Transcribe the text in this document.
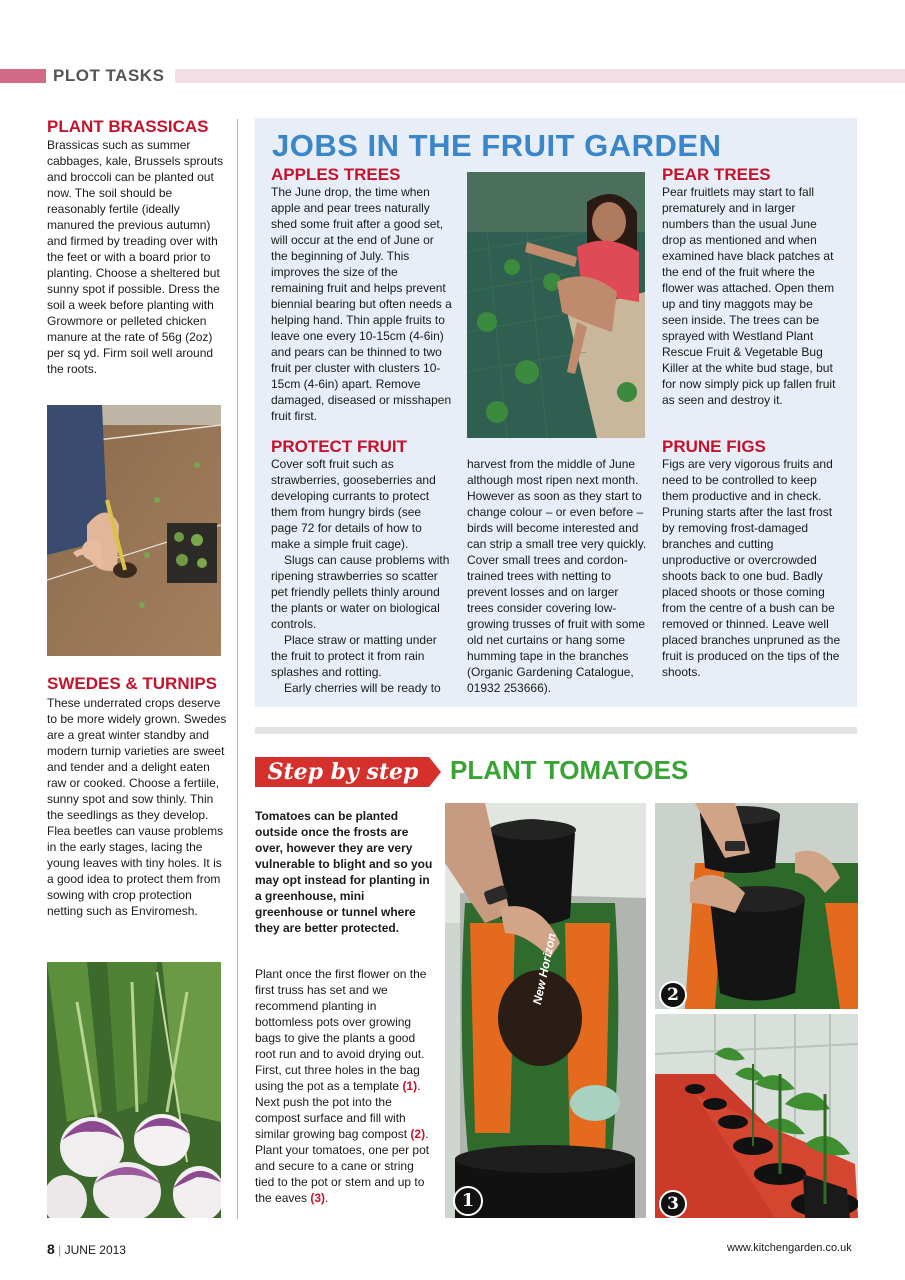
PLOT TASKS
PLANT BRASSICAS
Brassicas such as summer cabbages, kale, Brussels sprouts and broccoli can be planted out now. The soil should be reasonably fertile (ideally manured the previous autumn) and firmed by treading over with the feet or with a board prior to planting. Choose a sheltered but sunny spot if possible. Dress the soil a week before planting with Growmore or pelleted chicken manure at the rate of 56g (2oz) per sq yd. Firm soil well around the roots.
SWEDES & TURNIPS
These underrated crops deserve to be more widely grown. Swedes are a great winter standby and modern turnip varieties are sweet and tender and a delight eaten raw or cooked. Choose a fertiile, sunny spot and sow thinly. Thin the seedlings as they develop. Flea beetles can vause problems in the early stages, lacing the young leaves with tiny holes. It is a good idea to protect them from sowing with crop protection netting such as Enviromesh.
JOBS IN THE FRUIT GARDEN
APPLES TREES
The June drop, the time when apple and pear trees naturally shed some fruit after a good set, will occur at the end of June or the beginning of July. This improves the size of the remaining fruit and helps prevent biennial bearing but often needs a helping hand. Thin apple fruits to leave one every 10-15cm (4-6in) and pears can be thinned to two fruit per cluster with clusters 10-15cm (4-6in) apart. Remove damaged, diseased or misshapen fruit first.
PEAR TREES
Pear fruitlets may start to fall prematurely and in larger numbers than the usual June drop as mentioned and when examined have black patches at the end of the fruit where the flower was attached. Open them up and tiny maggots may be seen inside. The trees can be sprayed with Westland Plant Rescue Fruit & Vegetable Bug Killer at the white bud stage, but for now simply pick up fallen fruit as seen and destroy it.
PROTECT FRUIT

Cover soft fruit such as strawberries, gooseberries and developing currants to protect them from hungry birds (see page 72 for details of how to make a simple fruit cage).

Slugs can cause problems with ripening strawberries so scatter pet friendly pellets thinly around the plants or water on biological controls.

Place straw or matting under the fruit to protect it from rain splashes and rotting.

Early cherries will be ready to

harvest from the middle of June although most ripen next month. However as soon as they start to change colour – or even before – birds will become interested and can strip a small tree very quickly. Cover small trees and cordon-trained trees with netting to prevent losses and on larger trees consider covering low-growing trusses of fruit with some old net curtains or hang some humming tape in the branches (Organic Gardening Catalogue, 01932 253666).
PRUNE FIGS
Figs are very vigorous fruits and need to be controlled to keep them productive and in check. Pruning starts after the last frost by removing frost-damaged branches and cutting unproductive or overcrowded shoots back to one bud. Badly placed shoots or those coming from the centre of a bush can be removed or thinned. Leave well placed branches unpruned as the fruit is produced on the tips of the shoots.
Step by step	PLANT TOMATOES
Tomatoes can be planted outside once the frosts are over, however they are very vulnerable to blight and so you may opt instead for planting in a greenhouse, mini greenhouse or tunnel where they are better protected.
Plant once the first flower on the first truss has set and we recommend planting in bottomless pots over growing bags to give the plants a good root run and to avoid drying out. First, cut three holes in the bag using the pot as a template (1). Next push the pot into the compost surface and fill with similar growing bag compost (2). Plant your tomatoes, one per pot and secure to a cane or string tied to the pot or stem and up to the eaves (3).	1
New Horizon	2
3
8 | JUNE 2013	www.kitchengarden.co.uk
